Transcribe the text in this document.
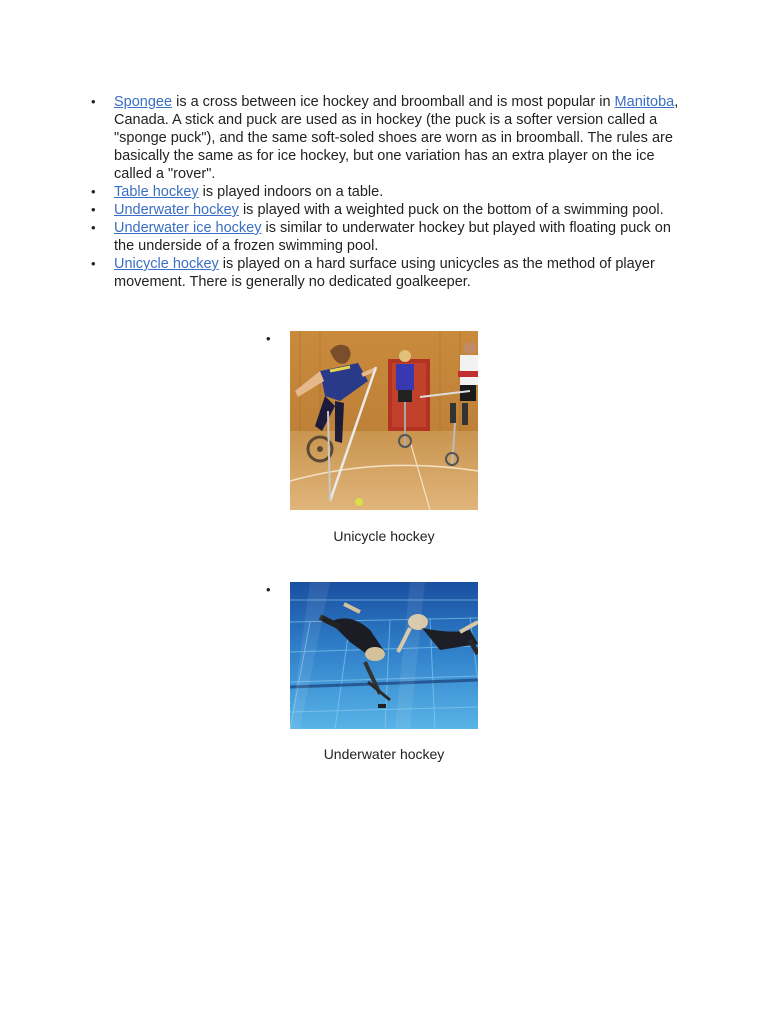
• Spongee is a cross between ice hockey and broomball and is most popular in Manitoba, Canada. A stick and puck are used as in hockey (the puck is a softer version called a "sponge puck"), and the same soft-soled shoes are worn as in broomball. The rules are basically the same as for ice hockey, but one variation has an extra player on the ice called a "rover".
• Table hockey is played indoors on a table.
• Underwater hockey is played with a weighted puck on the bottom of a swimming pool.
• Underwater ice hockey is similar to underwater hockey but played with floating puck on the underside of a frozen swimming pool.
• Unicycle hockey is played on a hard surface using unicycles as the method of player movement. There is generally no dedicated goalkeeper.
•
Unicycle hockey
•
Underwater hockey
